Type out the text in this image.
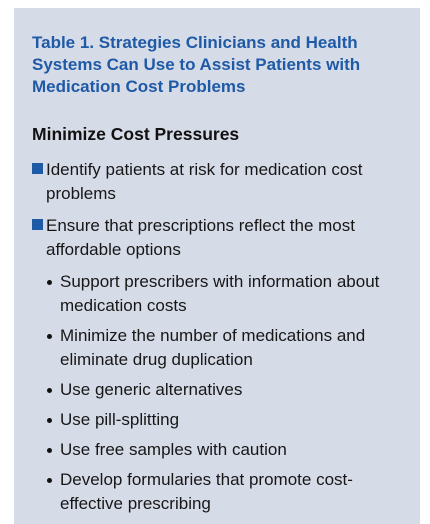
Table 1. Strategies Clinicians and Health Systems Can Use to Assist Patients with Medication Cost Problems
Minimize Cost Pressures
Identify patients at risk for medication cost problems
Ensure that prescriptions reflect the most affordable options
Support prescribers with information about medication costs
Minimize the number of medications and eliminate drug duplication
Use generic alternatives
Use pill-splitting
Use free samples with caution
Develop formularies that promote cost-effective prescribing
